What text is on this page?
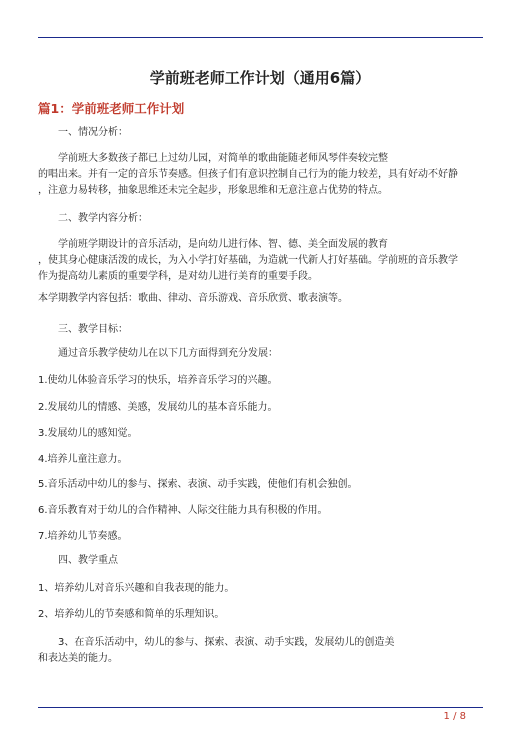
学前班老师工作计划（通用6篇）
篇1：学前班老师工作计划

一、情况分析：

学前班大多数孩子都已上过幼儿园，对简单的歌曲能随老师风琴伴奏较完整

的唱出来。并有一定的音乐节奏感。但孩子们有意识控制自己行为的能力较差，具有好动不好静

，注意力易转移，抽象思维还未完全起步，形象思维和无意注意占优势的特点。

二、教学内容分析：

学前班学期设计的音乐活动，是向幼儿进行体、智、德、美全面发展的教育

，使其身心健康活泼的成长，为入小学打好基础，为造就一代新人打好基础。学前班的音乐教学

作为提高幼儿素质的重要学科，是对幼儿进行美育的重要手段。

本学期教学内容包括：歌曲、律动、音乐游戏、音乐欣赏、歌表演等。

三、教学目标：

通过音乐教学使幼儿在以下几方面得到充分发展：

1.使幼儿体验音乐学习的快乐，培养音乐学习的兴趣。

2.发展幼儿的情感、美感，发展幼儿的基本音乐能力。

3.发展幼儿的感知觉。

4.培养儿童注意力。

5.音乐活动中幼儿的参与、探索、表演、动手实践，使他们有机会独创。

6.音乐教育对于幼儿的合作精神、人际交往能力具有积极的作用。

7.培养幼儿节奏感。

四、教学重点

1、培养幼儿对音乐兴趣和自我表现的能力。

2、培养幼儿的节奏感和简单的乐理知识。

3、在音乐活动中，幼儿的参与、探索、表演、动手实践，发展幼儿的创造美

和表达美的能力。

1 / 8
